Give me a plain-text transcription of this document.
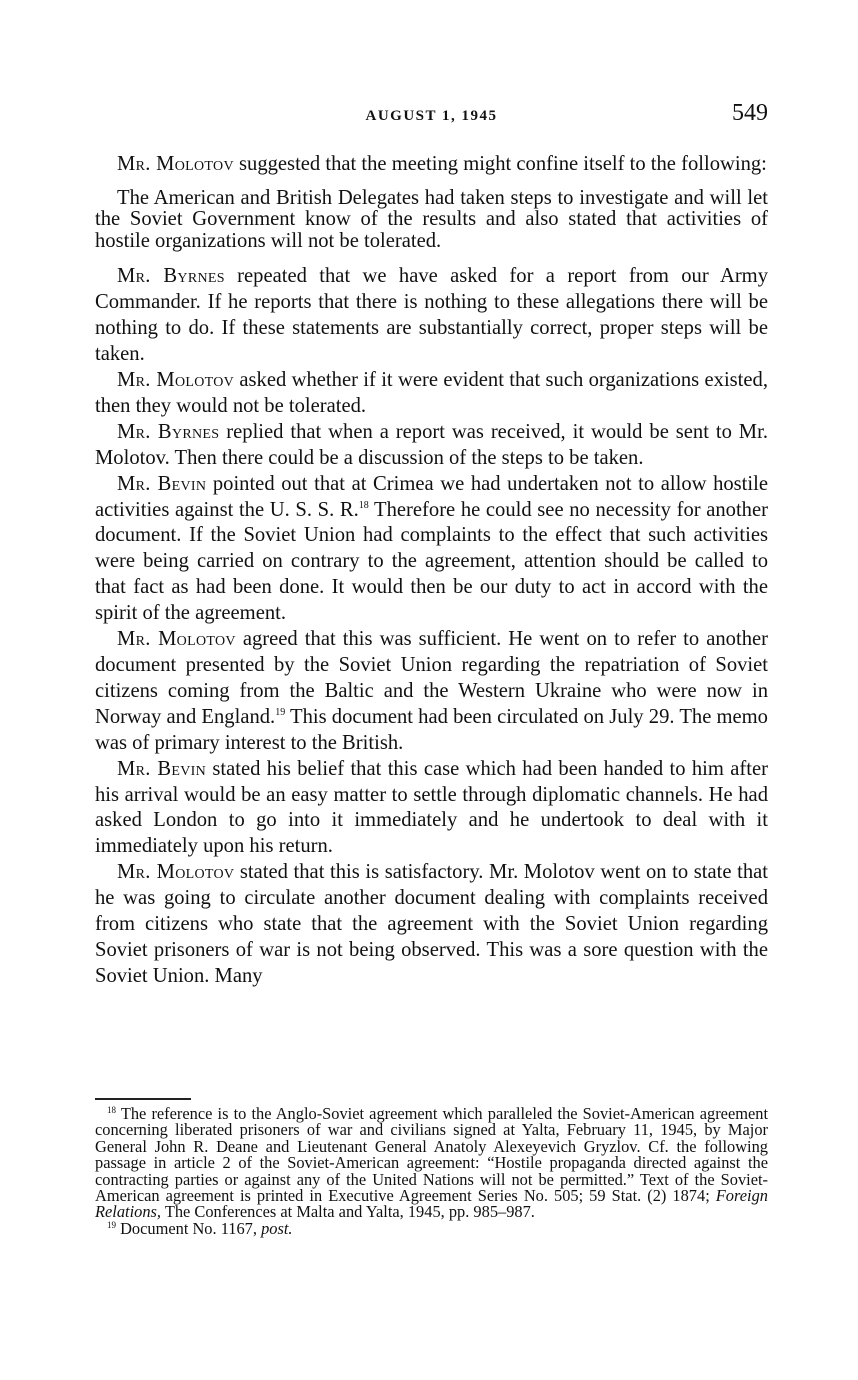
AUGUST 1, 1945	549

Mr. Molotov suggested that the meeting might confine itself to the following:

The American and British Delegates had taken steps to investigate and will let the Soviet Government know of the results and also stated that activities of hostile organizations will not be tolerated.

Mr. Byrnes repeated that we have asked for a report from our Army Commander. If he reports that there is nothing to these allegations there will be nothing to do. If these statements are substantially correct, proper steps will be taken.

Mr. Molotov asked whether if it were evident that such organizations existed, then they would not be tolerated.

Mr. Byrnes replied that when a report was received, it would be sent to Mr. Molotov. Then there could be a discussion of the steps to be taken.

Mr. Bevin pointed out that at Crimea we had undertaken not to allow hostile activities against the U. S. S. R.$^{18}$ Therefore he could see no necessity for another document. If the Soviet Union had complaints to the effect that such activities were being carried on contrary to the agreement, attention should be called to that fact as had been done. It would then be our duty to act in accord with the spirit of the agreement.

Mr. Molotov agreed that this was sufficient. He went on to refer to another document presented by the Soviet Union regarding the repatriation of Soviet citizens coming from the Baltic and the Western Ukraine who were now in Norway and England.$^{19}$ This document had been circulated on July 29. The memo was of primary interest to the British.

Mr. Bevin stated his belief that this case which had been handed to him after his arrival would be an easy matter to settle through diplomatic channels. He had asked London to go into it immediately and he undertook to deal with it immediately upon his return.

Mr. Molotov stated that this is satisfactory. Mr. Molotov went on to state that he was going to circulate another document dealing with complaints received from citizens who state that the agreement with the Soviet Union regarding Soviet prisoners of war is not being observed. This was a sore question with the Soviet Union. Many

$^{18}$ The reference is to the Anglo-Soviet agreement which paralleled the Soviet-American agreement concerning liberated prisoners of war and civilians signed at Yalta, February 11, 1945, by Major General John R. Deane and Lieutenant General Anatoly Alexeyevich Gryzlov. Cf. the following passage in article 2 of the Soviet-American agreement: “Hostile propaganda directed against the contracting parties or against any of the United Nations will not be permitted.” Text of the Soviet-American agreement is printed in Executive Agreement Series No. 505; 59 Stat. (2) 1874; Foreign Relations, The Conferences at Malta and Yalta, 1945, pp. 985–987.

$^{19}$ Document No. 1167, post.
